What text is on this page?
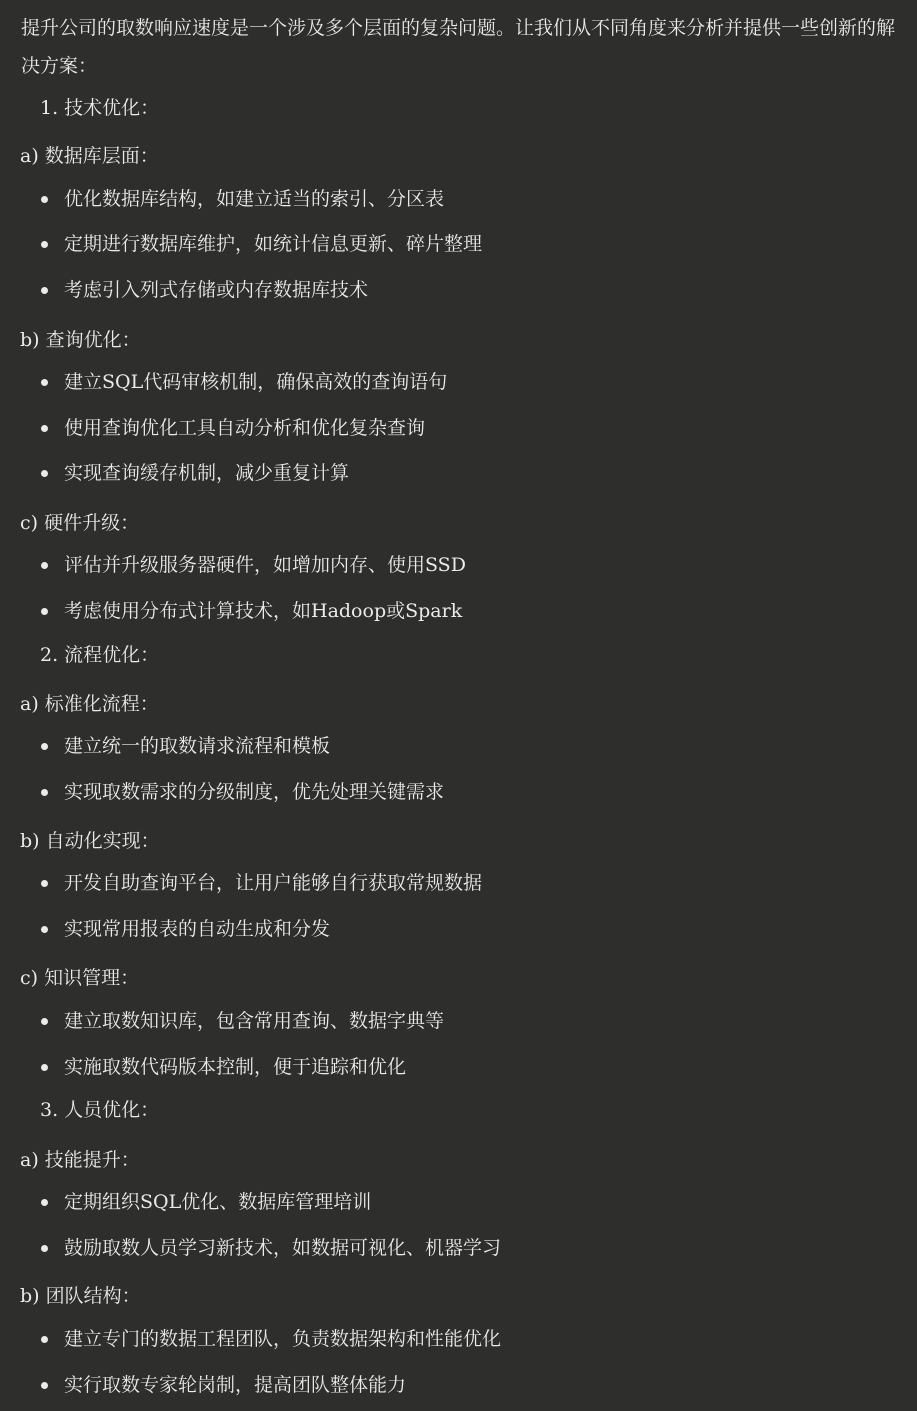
提升公司的取数响应速度是一个涉及多个层面的复杂问题。让我们从不同角度来分析并提供一些创新的解决方案：

1. 技术优化：

a) 数据库层面：

优化数据库结构，如建立适当的索引、分区表

定期进行数据库维护，如统计信息更新、碎片整理

考虑引入列式存储或内存数据库技术

b) 查询优化：

建立SQL代码审核机制，确保高效的查询语句

使用查询优化工具自动分析和优化复杂查询

实现查询缓存机制，减少重复计算

c) 硬件升级：

评估并升级服务器硬件，如增加内存、使用SSD

考虑使用分布式计算技术，如Hadoop或Spark

2. 流程优化：

a) 标准化流程：

建立统一的取数请求流程和模板

实现取数需求的分级制度，优先处理关键需求

b) 自动化实现：

开发自助查询平台，让用户能够自行获取常规数据

实现常用报表的自动生成和分发

c) 知识管理：

建立取数知识库，包含常用查询、数据字典等

实施取数代码版本控制，便于追踪和优化

3. 人员优化：

a) 技能提升：

定期组织SQL优化、数据库管理培训

鼓励取数人员学习新技术，如数据可视化、机器学习

b) 团队结构：

建立专门的数据工程团队，负责数据架构和性能优化

实行取数专家轮岗制，提高团队整体能力
